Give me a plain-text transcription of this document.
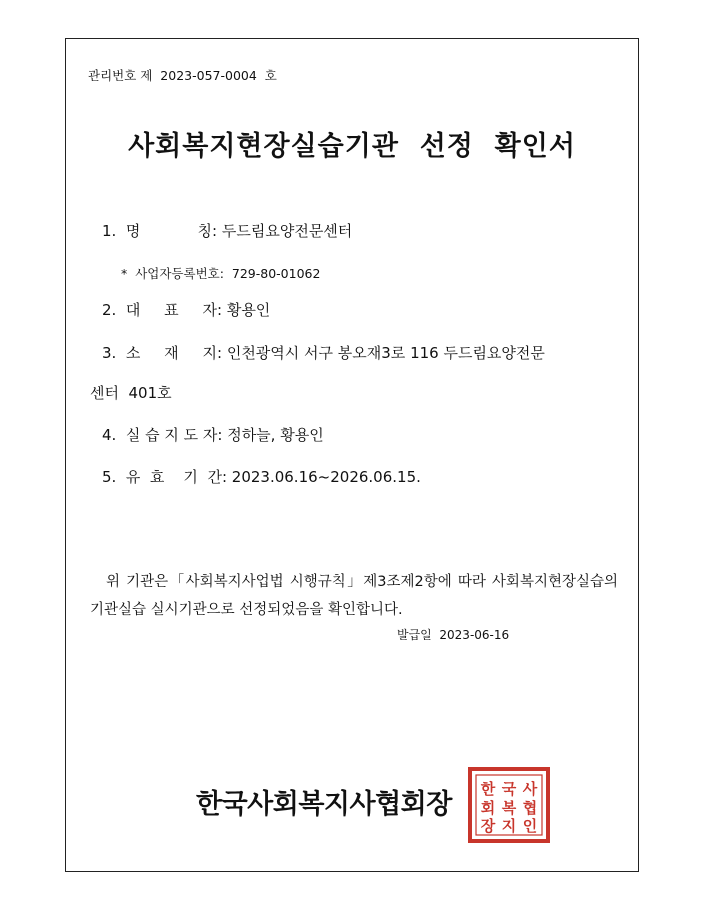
관리번호 제  2023-057-0004  호
사회복지현장실습기관  선정  확인서
1.  명            칭: 두드림요양전문센터
*  사업자등록번호:  729-80-01062
2.  대     표     자: 황용인
3.  소     재     지: 인천광역시 서구 봉오재3로 116 두드림요양전문
센터  401호
4.  실 습 지 도 자: 정하늘, 황용인
5.  유  효    기  간: 2023.06.16~2026.06.15.
위 기관은「사회복지사업법 시행규칙」제3조제2항에 따라 사회복지현장실습의 기관실습 실시기관으로 선정되었음을 확인합니다.
발급일  2023-06-16
한국사회복지사협회장 한
회
장
국
복
지
사
협
인
